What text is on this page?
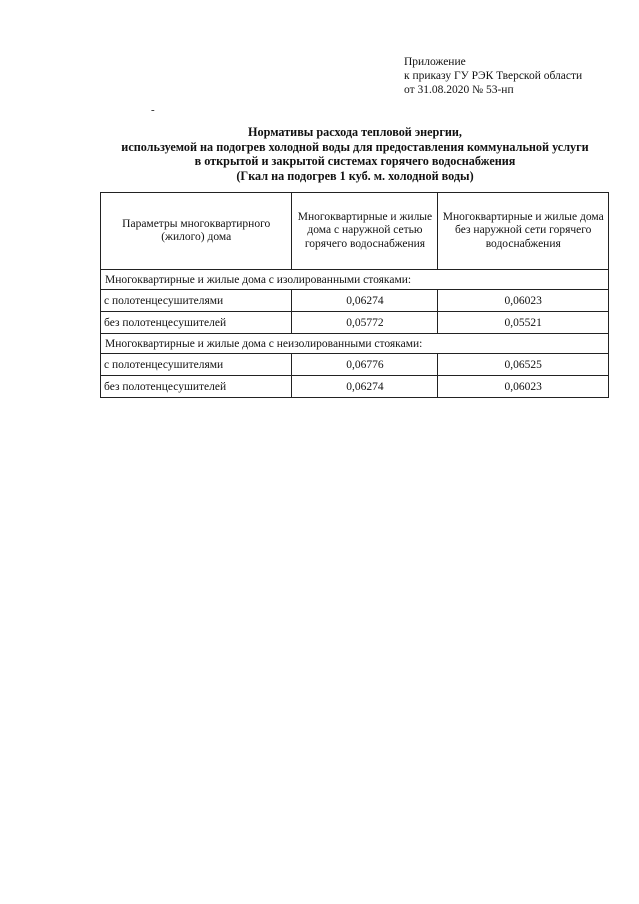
Приложение
к приказу ГУ РЭК Тверской области
от 31.08.2020 № 53-нп
-
Нормативы расхода тепловой энергии,
используемой на подогрев холодной воды для предоставления коммунальной услуги
в открытой и закрытой системах горячего водоснабжения
(Гкал на подогрев 1 куб. м. холодной воды)
Параметры многоквартирного (жилого) дома	Многоквартирные и жилые дома с наружной сетью горячего водоснабжения	Многоквартирные и жилые дома без наружной сети горячего водоснабжения
Многоквартирные и жилые дома с изолированными стояками:		
с полотенцесушителями	0,06274	0,06023
без полотенцесушителей	0,05772	0,05521
Многоквартирные и жилые дома с неизолированными стояками:		
с полотенцесушителями	0,06776	0,06525
без полотенцесушителей	0,06274	0,06023
